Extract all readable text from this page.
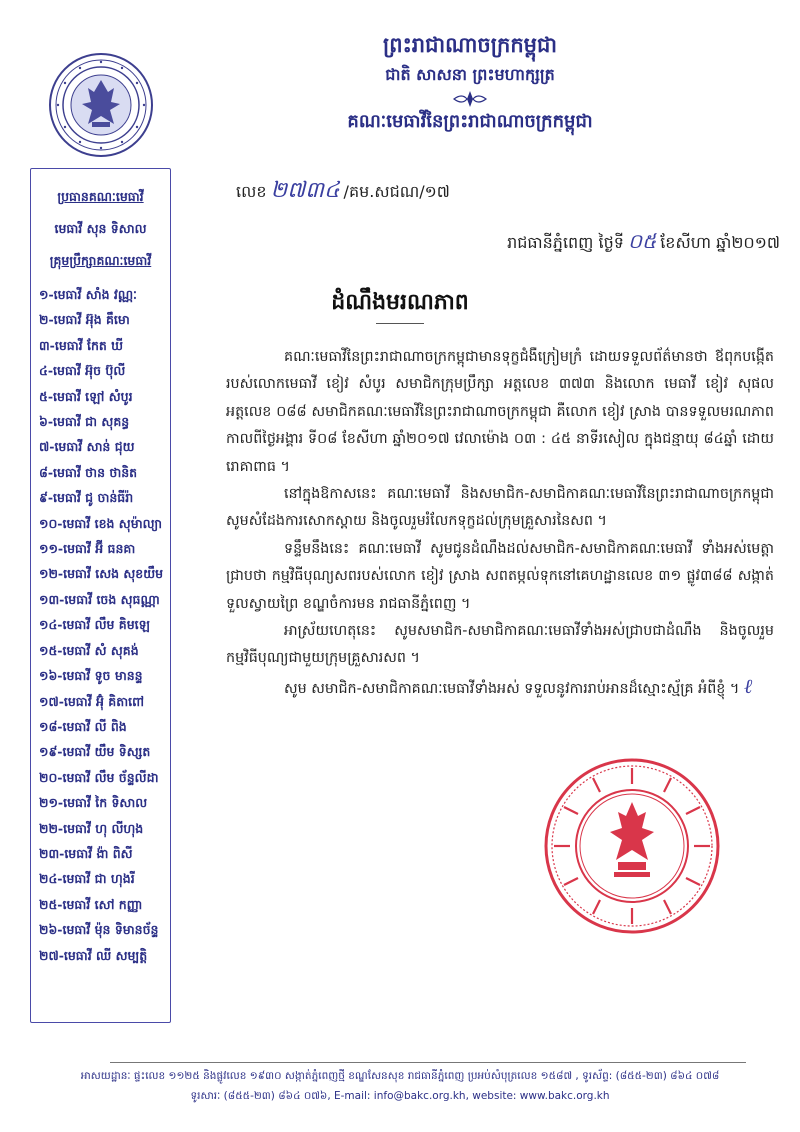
ព្រះរាជាណាចក្រកម្ពុជា
ជាតិ សាសនា ព្រះមហាក្សត្រ
គណៈមេធាវីនៃព្រះរាជាណាចក្រកម្ពុជា
ប្រធានគណៈមេធាវី
មេធាវី សុន ទិសាល
គ្រុមប្រឹក្សាគណៈមេធាវី
១-មេធាវី សាំង វណ្ណៈ
២-មេធាវី អ៊ុង គឹមោ
៣-មេធាវី កែត ឃី
៤-មេធាវី អ៊ុច ប៊ុលី
៥-មេធាវី ឡៅ សំបូរ
៦-មេធាវី ជា សុគន្ធ
៧-មេធាវី សាន់ ជុយ
៨-មេធាវី ថាន ថានិត
៩-មេធាវី ជូ ចាន់ធីរ៉ា
១០-មេធាវី ខេង សុម៉ាល្យា
១១-មេធាវី អ៊ី ធនគា
១២-មេធាវី សេង សុខយឹម
១៣-មេធាវី ចេង សុធណ្ណា
១៤-មេធាវី លឹម គិមឡេ
១៥-មេធាវី សំ សុគង់
១៦-មេធាវី ទូច មានន្ទ
១៧-មេធាវី អ៊ុំ គិតាពៅ
១៨-មេធាវី លី ពិង
១៩-មេធាវី យឹម ទិស្សត
២០-មេធាវី លឹម ច័ន្ទលីដា
២១-មេធាវី កៃ ទិសាល
២២-មេធាវី ហុ លីហុង
២៣-មេធាវី ង៉ា ពិសី
២៤-មេធាវី ជា ហុងរី
២៥-មេធាវី សៅ កញ្ញា
២៦-មេធាវី ម៉ុន ទិមានច័ន្ទ
២៧-មេធាវី ឈី សម្បត្តិ
លេខ ២៧៣៤ /គម.សជណ/១៧
រាជធានីភ្នំពេញ ថ្ងៃទី ០៥ ខែសីហា ឆ្នាំ២០១៧
ដំណឹងមរណភាព

គណៈមេធាវីនៃព្រះរាជាណាចក្រកម្ពុជាមានទុក្ខជំងឺក្រៀមក្រំ ដោយទទួលព័ត៌មានថា ឪពុកបង្កើតរបស់លោកមេធាវី ខៀវ សំបូរ សមាជិកក្រុមប្រឹក្សា អត្តលេខ ៣៧៣ និងលោក មេធាវី ខៀវ សុផល អត្តលេខ ០៨៨ សមាជិកគណៈមេធាវីនៃព្រះរាជាណាចក្រកម្ពុជា គឺលោក ខៀវ ស្រាង បានទទួលមរណភាពកាលពីថ្ងៃអង្គារ ទី០៨ ខែសីហា ឆ្នាំ២០១៧ វេលាម៉ោង ០៣ : ៤៥ នាទីរសៀល ក្នុងជន្មាយុ ៨៤ឆ្នាំ ដោយរោគាពាធ ។

នៅក្នុងឱកាសនេះ គណៈមេធាវី និងសមាជិក-សមាជិកាគណៈមេធាវីនៃព្រះរាជាណាចក្រកម្ពុជា សូមសំដែងការសោកស្តាយ និងចូលរួមរំលែកទុក្ខដល់ក្រុមគ្រួសារនៃសព ។

ទន្ទឹមនឹងនេះ គណៈមេធាវី សូមជូនដំណឹងដល់សមាជិក-សមាជិកាគណៈមេធាវី ទាំងអស់មេត្តាជ្រាបថា កម្មវិធីបុណ្យសពរបស់លោក ខៀវ ស្រាង សពតម្កល់ទុកនៅគេហដ្ឋានលេខ ៣១ ផ្លូវ៣៨៨ សង្កាត់ទួលស្វាយព្រៃ ខណ្ឌចំការមន រាជធានីភ្នំពេញ ។

អាស្រ័យហេតុនេះ សូមសមាជិក-សមាជិកាគណៈមេធាវីទាំងអស់ជ្រាបជាដំណឹង និងចូលរួមកម្មវិធីបុណ្យជាមួយក្រុមគ្រួសារសព ។

សូម សមាជិក-សមាជិកាគណៈមេធាវីទាំងអស់ ទទួលនូវការរាប់អានដ៏ស្មោះស្ម័គ្រ អំពីខ្ញុំ ។ ℓ

អាសយដ្ឋានៈ ផ្ទះលេខ ១១២៥ និងផ្លូវលេខ ១៩៣០ សង្កាត់ភ្នំពេញថ្មី ខណ្ឌសែនសុខ រាជធានីភ្នំពេញ ប្រអប់សំបុត្រលេខ ១៥៨៧ , ទូរស័ព្ទ: (៨៥៥-២៣) ៨៦៤ ០៧៨
ទូរសារៈ (៨៥៥-២៣) ៨៦៤ ០៧៦, E-mail: info@bakc.org.kh, website: www.bakc.org.kh
